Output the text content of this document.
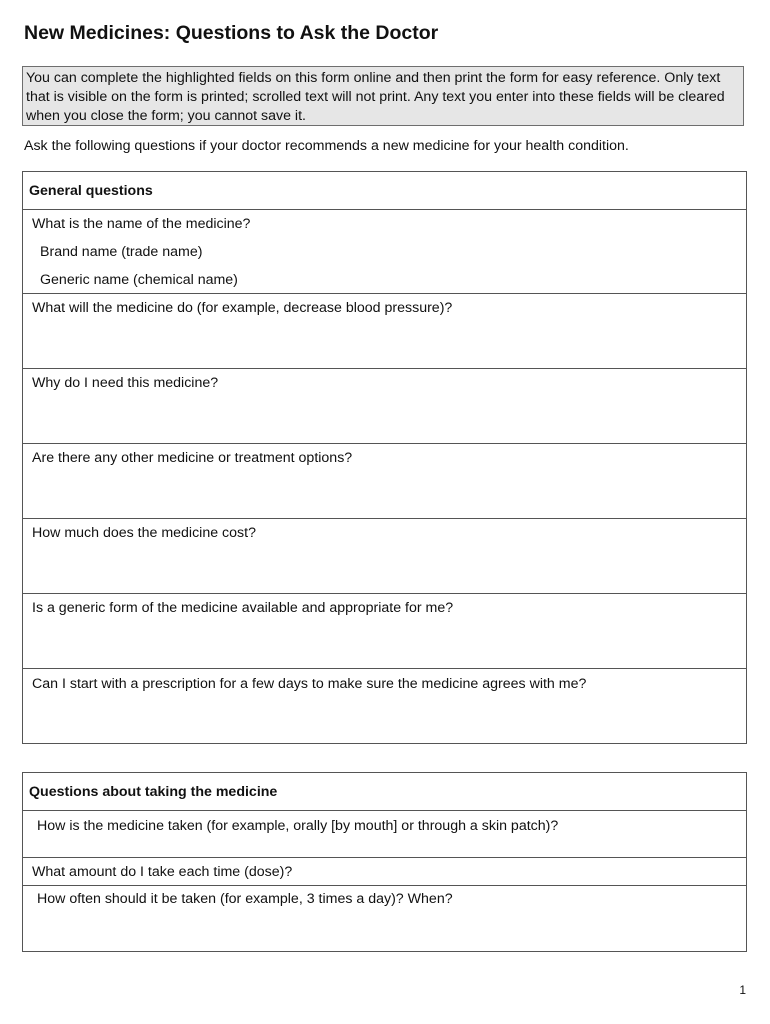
New Medicines: Questions to Ask the Doctor
You can complete the highlighted fields on this form online and then print the form for easy reference. Only text that is visible on the form is printed; scrolled text will not print. Any text you enter into these fields will be cleared when you close the form; you cannot save it.
Ask the following questions if your doctor recommends a new medicine for your health condition.
General questions
What is the name of the medicine?
Brand name (trade name)
Generic name (chemical name)
What will the medicine do (for example, decrease blood pressure)?
Why do I need this medicine?
Are there any other medicine or treatment options?
How much does the medicine cost?
Is a generic form of the medicine available and appropriate for me?
Can I start with a prescription for a few days to make sure the medicine agrees with me?
Questions about taking the medicine
How is the medicine taken (for example, orally [by mouth] or through a skin patch)?
What amount do I take each time (dose)?
How often should it be taken (for example, 3 times a day)? When?
1
